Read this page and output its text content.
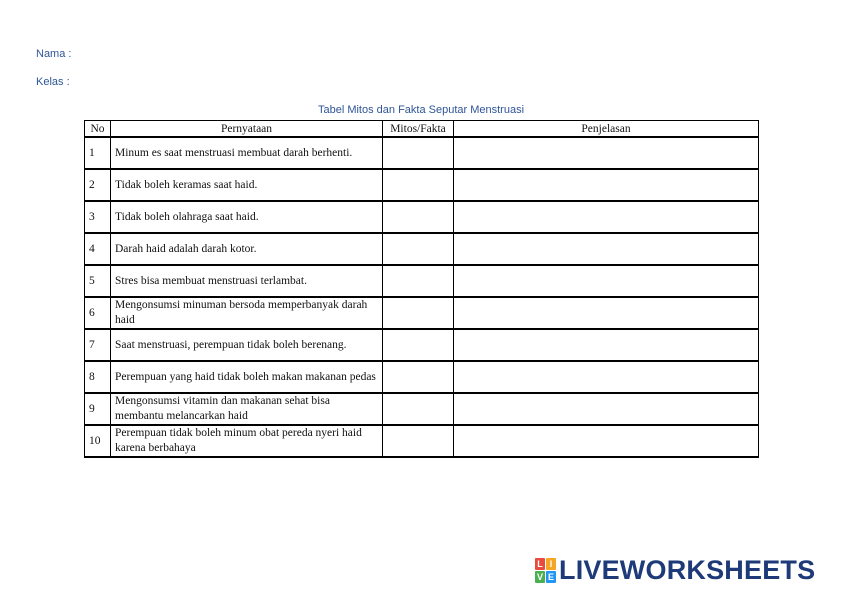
Nama :
Kelas :
Tabel Mitos dan Fakta Seputar Menstruasi
No	Pernyataan	Mitos/Fakta	Penjelasan
1	Minum es saat menstruasi membuat darah berhenti.		
2	Tidak boleh keramas saat haid.		
3	Tidak boleh olahraga saat haid.		
4	Darah haid adalah darah kotor.		
5	Stres bisa membuat menstruasi terlambat.		
6	Mengonsumsi minuman bersoda memperbanyak darah haid		
7	Saat menstruasi, perempuan tidak boleh berenang.		
8	Perempuan yang haid tidak boleh makan makanan pedas		
9	Mengonsumsi vitamin dan makanan sehat bisa membantu melancarkan haid		
10	Perempuan tidak boleh minum obat pereda nyeri haid karena berbahaya		
L I
V E LIVEWORKSHEETS
